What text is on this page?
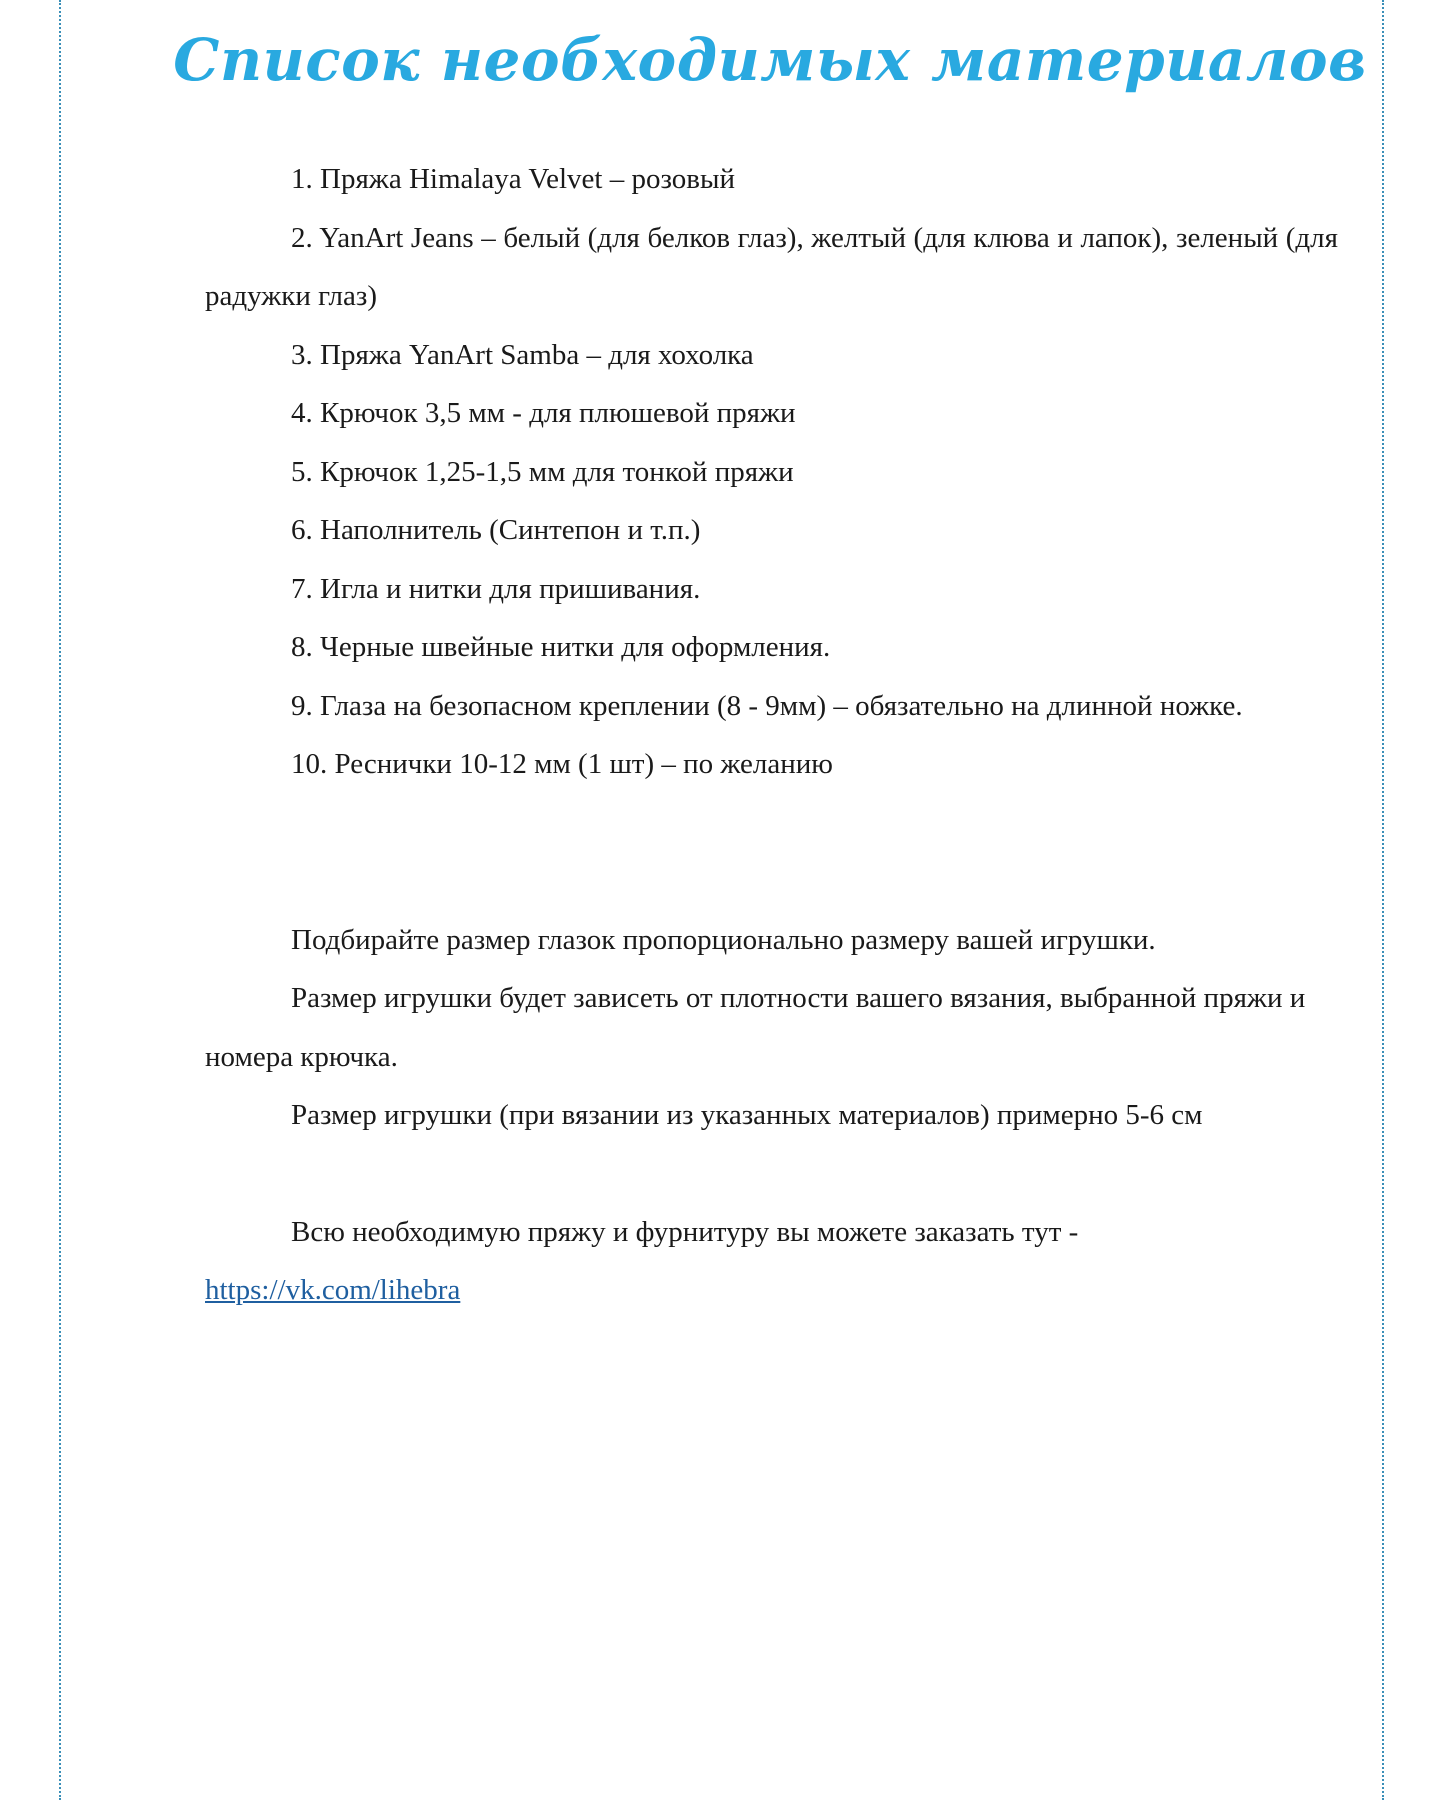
Список необходимых материалов

1. Пряжа Himalaya Velvet – розовый

2. YanArt Jeans – белый (для белков глаз), желтый (для клюва и лапок), зеленый (для радужки глаз)

3. Пряжа YanArt Samba – для хохолка

4. Крючок 3,5 мм - для плюшевой пряжи

5. Крючок 1,25-1,5 мм для тонкой пряжи

6. Наполнитель (Синтепон и т.п.)

7. Игла и нитки для пришивания.

8. Черные швейные нитки для оформления.

9. Глаза на безопасном креплении (8 - 9мм) – обязательно на длинной ножке.

10. Реснички 10-12 мм (1 шт) – по желанию

Подбирайте размер глазок пропорционально размеру вашей игрушки.

Размер игрушки будет зависеть от плотности вашего вязания, выбранной пряжи и номера крючка.

Размер игрушки (при вязании из указанных материалов) примерно 5-6 см

Всю необходимую пряжу и фурнитуру вы можете заказать тут - https://vk.com/lihebra
